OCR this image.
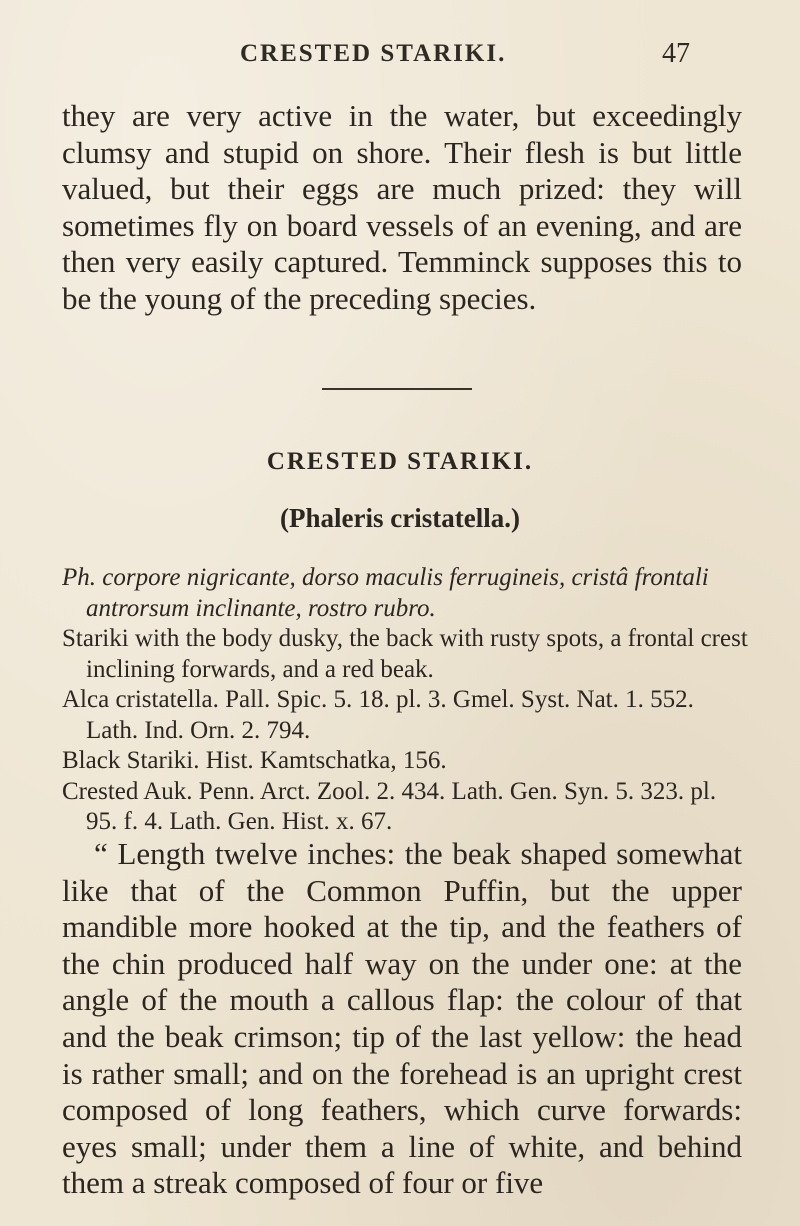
CRESTED STARIKI.	47

they are very active in the water, but exceedingly clumsy and stupid on shore. Their flesh is but little valued, but their eggs are much prized: they will sometimes fly on board vessels of an evening, and are then very easily captured. Temminck supposes this to be the young of the preceding species.

CRESTED STARIKI.
(Phaleris cristatella.)

Ph. corpore nigricante, dorso maculis ferrugineis, cristâ frontali antrorsum inclinante, rostro rubro.

Stariki with the body dusky, the back with rusty spots, a frontal crest inclining forwards, and a red beak.

Alca cristatella. Pall. Spic. 5. 18. pl. 3. Gmel. Syst. Nat. 1. 552. Lath. Ind. Orn. 2. 794.

Black Stariki. Hist. Kamtschatka, 156.

Crested Auk. Penn. Arct. Zool. 2. 434. Lath. Gen. Syn. 5. 323. pl. 95. f. 4. Lath. Gen. Hist. x. 67.

“ Length twelve inches: the beak shaped somewhat like that of the Common Puffin, but the upper mandible more hooked at the tip, and the feathers of the chin produced half way on the under one: at the angle of the mouth a callous flap: the colour of that and the beak crimson; tip of the last yellow: the head is rather small; and on the forehead is an upright crest composed of long feathers, which curve forwards: eyes small; under them a line of white, and behind them a streak composed of four or five
